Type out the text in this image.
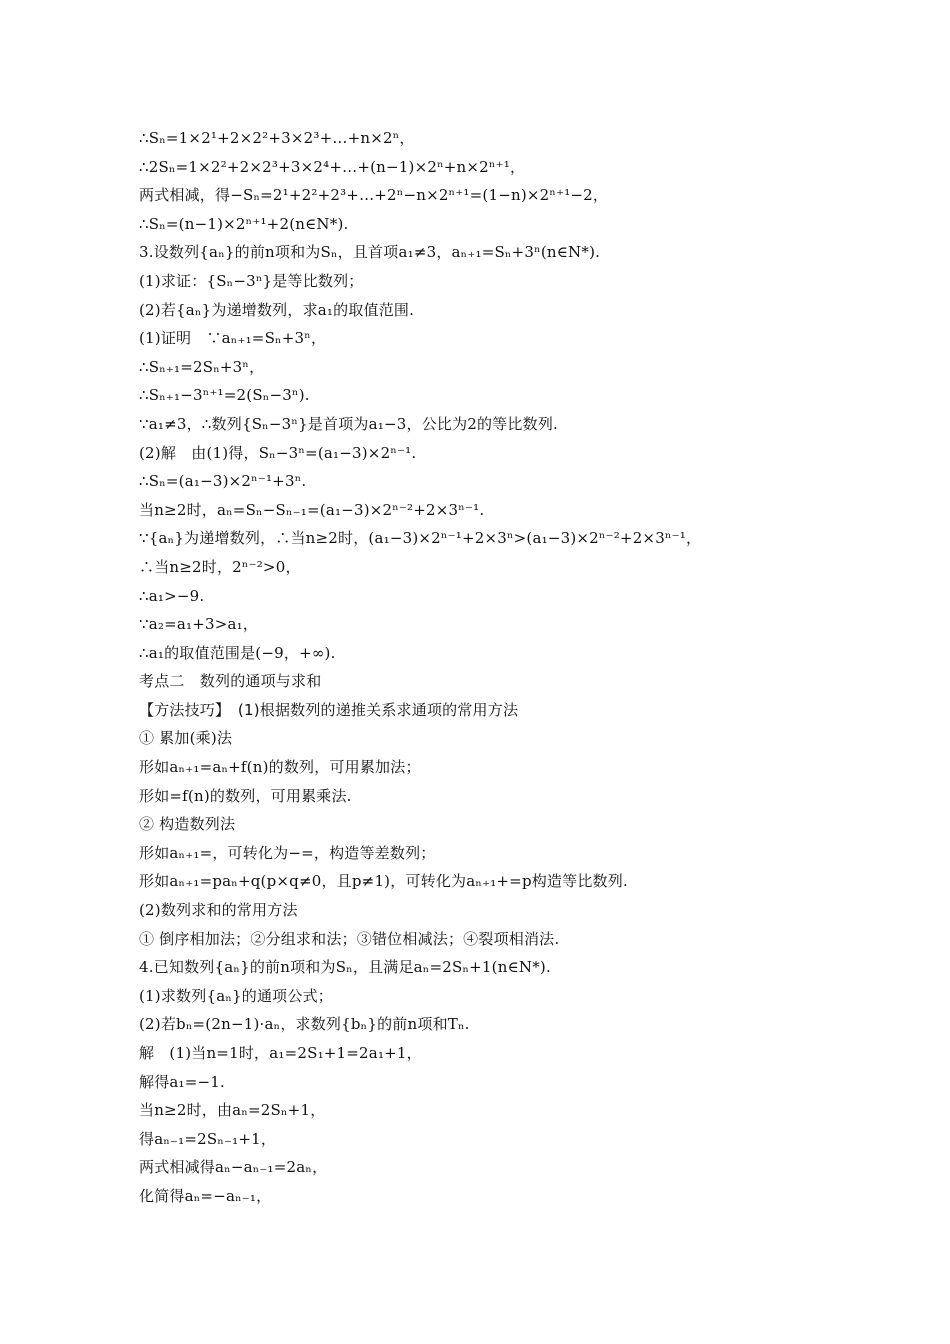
∴Sₙ=1×2¹+2×2²+3×2³+…+n×2ⁿ，
∴2Sₙ=1×2²+2×2³+3×2⁴+…+(n−1)×2ⁿ+n×2ⁿ⁺¹，
两式相减，得−Sₙ=2¹+2²+2³+…+2ⁿ−n×2ⁿ⁺¹=(1−n)×2ⁿ⁺¹−2，
∴Sₙ=(n−1)×2ⁿ⁺¹+2(n∈N*).
3.设数列{aₙ}的前n项和为Sₙ，且首项a₁≠3，aₙ₊₁=Sₙ+3ⁿ(n∈N*).
(1)求证：{Sₙ−3ⁿ}是等比数列；
(2)若{aₙ}为递增数列，求a₁的取值范围.
(1)证明　∵aₙ₊₁=Sₙ+3ⁿ，
∴Sₙ₊₁=2Sₙ+3ⁿ，
∴Sₙ₊₁−3ⁿ⁺¹=2(Sₙ−3ⁿ).
∵a₁≠3，∴数列{Sₙ−3ⁿ}是首项为a₁−3，公比为2的等比数列.
(2)解　由(1)得，Sₙ−3ⁿ=(a₁−3)×2ⁿ⁻¹.
∴Sₙ=(a₁−3)×2ⁿ⁻¹+3ⁿ.
当n≥2时，aₙ=Sₙ−Sₙ₋₁=(a₁−3)×2ⁿ⁻²+2×3ⁿ⁻¹.
∵{aₙ}为递增数列，∴当n≥2时，(a₁−3)×2ⁿ⁻¹+2×3ⁿ>(a₁−3)×2ⁿ⁻²+2×3ⁿ⁻¹，
∴当n≥2时，2ⁿ⁻²>0，
∴a₁>−9.
∵a₂=a₁+3>a₁，
∴a₁的取值范围是(−9，+∞).
考点二　数列的通项与求和
【方法技巧】　(1)根据数列的递推关系求通项的常用方法
① 累加(乘)法
形如aₙ₊₁=aₙ+f(n)的数列，可用累加法；
形如=f(n)的数列，可用累乘法.
② 构造数列法
形如aₙ₊₁=，可转化为−=，构造等差数列；
形如aₙ₊₁=paₙ+q(p×q≠0，且p≠1)，可转化为aₙ₊₁+=p构造等比数列.
(2)数列求和的常用方法
① 倒序相加法；②分组求和法；③错位相减法；④裂项相消法.
4.已知数列{aₙ}的前n项和为Sₙ，且满足aₙ=2Sₙ+1(n∈N*).
(1)求数列{aₙ}的通项公式；
(2)若bₙ=(2n−1)·aₙ，求数列{bₙ}的前n项和Tₙ.
解　(1)当n=1时，a₁=2S₁+1=2a₁+1，
解得a₁=−1.
当n≥2时，由aₙ=2Sₙ+1，
得aₙ₋₁=2Sₙ₋₁+1，
两式相减得aₙ−aₙ₋₁=2aₙ，
化简得aₙ=−aₙ₋₁，
